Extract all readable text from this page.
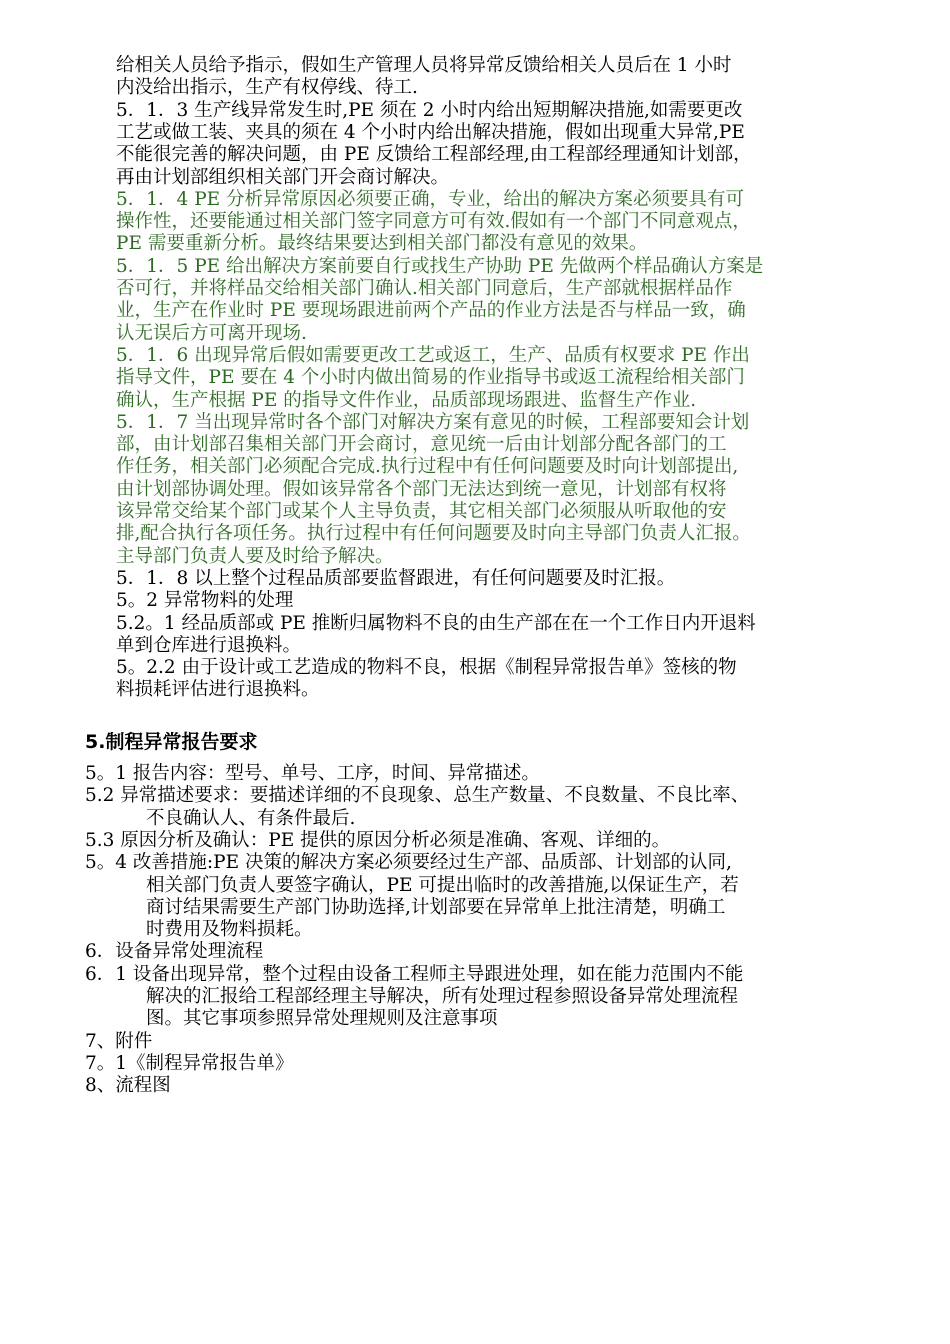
给相关人员给予指示，假如生产管理人员将异常反馈给相关人员后在 1 小时
内没给出指示，生产有权停线、待工.
5．1．3 生产线异常发生时,PE 须在 2 小时内给出短期解决措施,如需要更改
工艺或做工装、夹具的须在 4 个小时内给出解决措施，假如出现重大异常,PE
不能很完善的解决问题，由 PE 反馈给工程部经理,由工程部经理通知计划部，
再由计划部组织相关部门开会商讨解决。
5．1．4 PE 分析异常原因必须要正确，专业，给出的解决方案必须要具有可
操作性，还要能通过相关部门签字同意方可有效.假如有一个部门不同意观点，
PE 需要重新分析。最终结果要达到相关部门都没有意见的效果。
5．1．5 PE 给出解决方案前要自行或找生产协助 PE 先做两个样品确认方案是
否可行，并将样品交给相关部门确认.相关部门同意后，生产部就根据样品作
业，生产在作业时 PE 要现场跟进前两个产品的作业方法是否与样品一致，确
认无误后方可离开现场.
5．1．6 出现异常后假如需要更改工艺或返工，生产、品质有权要求 PE 作出
指导文件，PE 要在 4 个小时内做出简易的作业指导书或返工流程给相关部门
确认，生产根据 PE 的指导文件作业，品质部现场跟进、监督生产作业.
5．1．7 当出现异常时各个部门对解决方案有意见的时候，工程部要知会计划
部，由计划部召集相关部门开会商讨，意见统一后由计划部分配各部门的工
作任务，相关部门必须配合完成.执行过程中有任何问题要及时向计划部提出,
由计划部协调处理。假如该异常各个部门无法达到统一意见，计划部有权将
该异常交给某个部门或某个人主导负责，其它相关部门必须服从听取他的安
排,配合执行各项任务。执行过程中有任何问题要及时向主导部门负责人汇报。
主导部门负责人要及时给予解决。
5．1．8 以上整个过程品质部要监督跟进，有任何问题要及时汇报。
5。2 异常物料的处理
5.2。1 经品质部或 PE 推断归属物料不良的由生产部在在一个工作日内开退料
单到仓库进行退换料。
5。2.2 由于设计或工艺造成的物料不良，根据《制程异常报告单》签核的物
料损耗评估进行退换料。
5.制程异常报告要求
5。1 报告内容：型号、单号、工序，时间、异常描述。
5.2 异常描述要求：要描述详细的不良现象、总生产数量、不良数量、不良比率、
不良确认人、有条件最后.
5.3 原因分析及确认：PE 提供的原因分析必须是准确、客观、详细的。
5。4 改善措施:PE 决策的解决方案必须要经过生产部、品质部、计划部的认同,
相关部门负责人要签字确认，PE 可提出临时的改善措施,以保证生产，若
商讨结果需要生产部门协助选择,计划部要在异常单上批注清楚，明确工
时费用及物料损耗。
6．设备异常处理流程
6．1 设备出现异常，整个过程由设备工程师主导跟进处理，如在能力范围内不能
解决的汇报给工程部经理主导解决，所有处理过程参照设备异常处理流程
图。其它事项参照异常处理规则及注意事项
7、附件
7。1《制程异常报告单》
8、流程图
